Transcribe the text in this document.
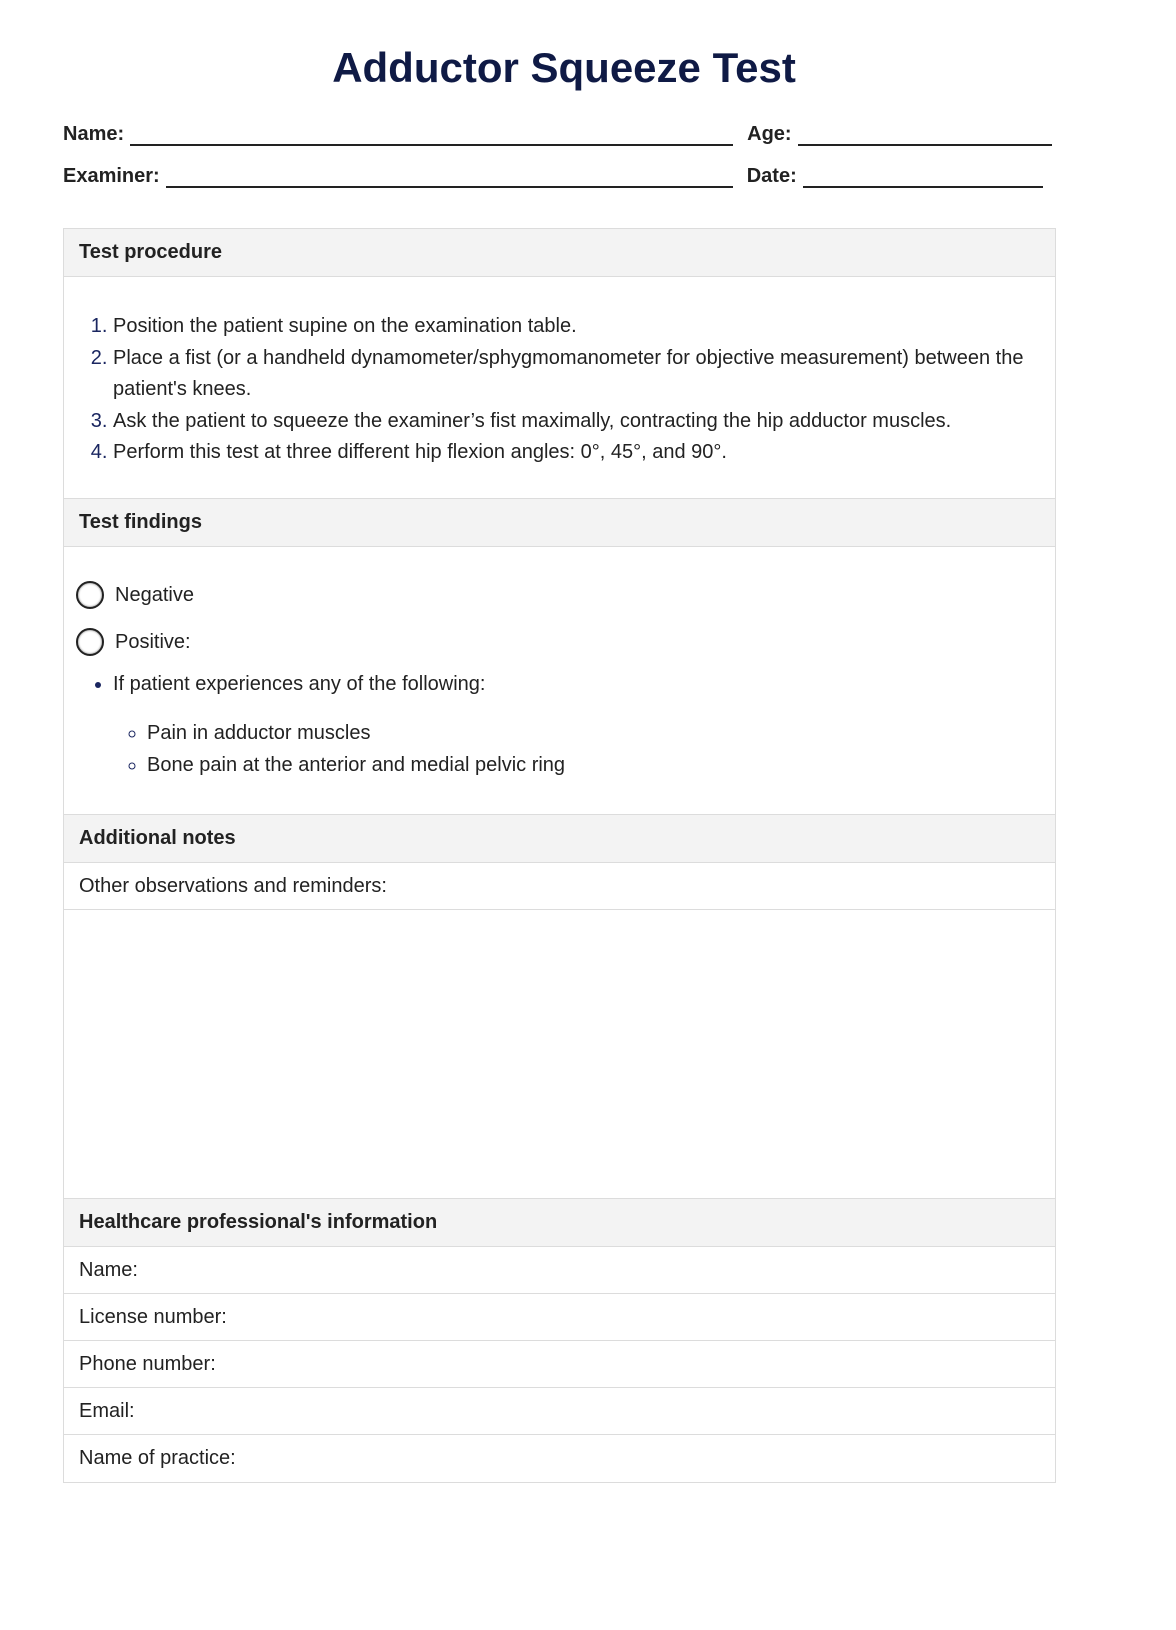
Adductor Squeeze Test
Name:	Age:
Examiner:	Date:
Test procedure
1. Position the patient supine on the examination table.
2. Place a fist (or a handheld dynamometer/sphygmomanometer for objective measurement) between the patient's knees.
3. Ask the patient to squeeze the examiner’s fist maximally, contracting the hip adductor muscles.
4. Perform this test at three different hip flexion angles: 0°, 45°, and 90°.
Test findings
Negative
Positive:
• If patient experiences any of the following:
◦ Pain in adductor muscles
◦ Bone pain at the anterior and medial pelvic ring
Additional notes
Other observations and reminders:
Healthcare professional's information
Name:
License number:
Phone number:
Email:
Name of practice:
